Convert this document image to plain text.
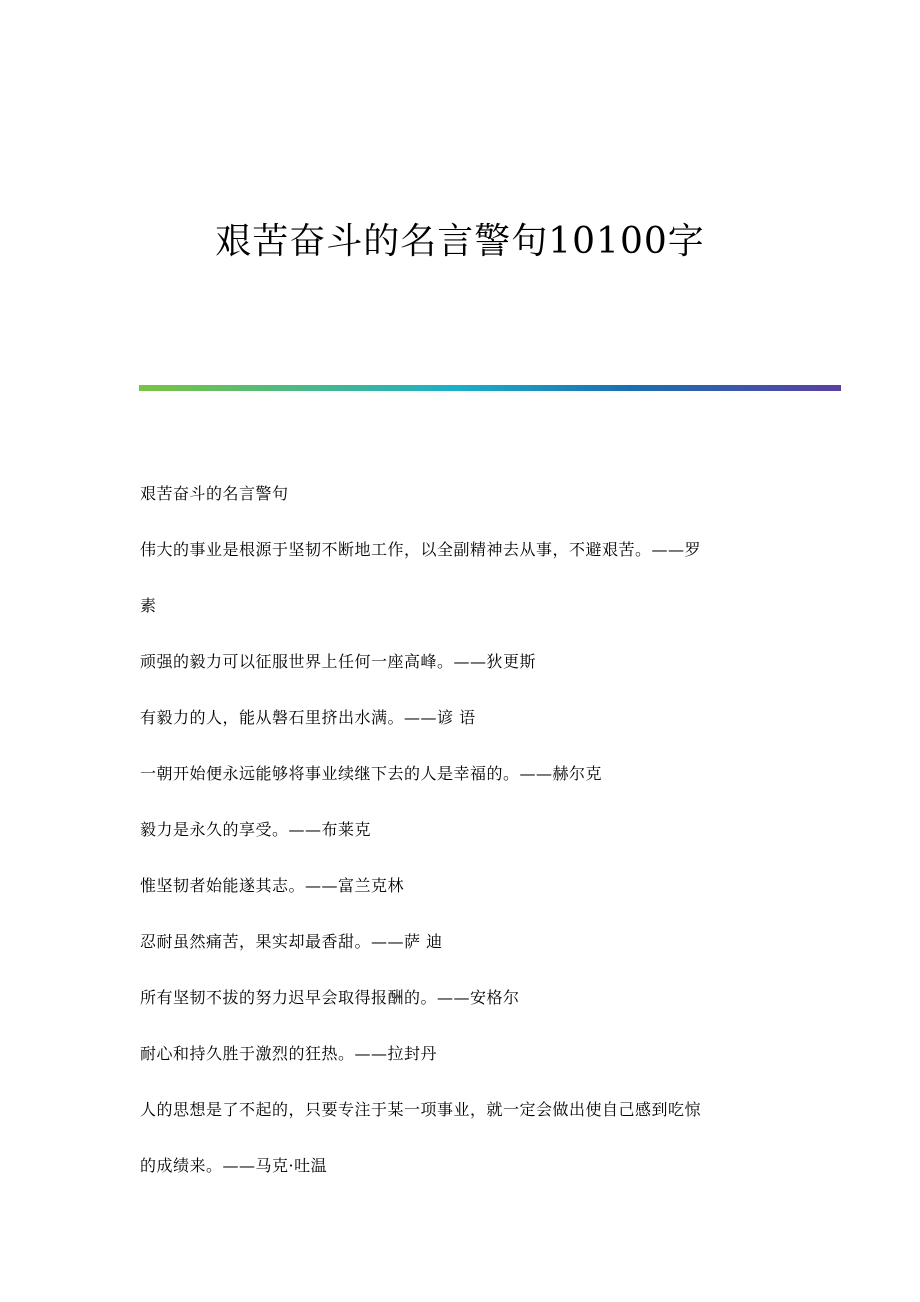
艰苦奋斗的名言警句10100字
艰苦奋斗的名言警句
伟大的事业是根源于坚韧不断地工作，以全副精神去从事，不避艰苦。——罗
素
顽强的毅力可以征服世界上任何一座高峰。——狄更斯
有毅力的人，能从磐石里挤出水满。——谚 语
一朝开始便永远能够将事业续继下去的人是幸福的。——赫尔克
毅力是永久的享受。——布莱克
惟坚韧者始能遂其志。——富兰克林
忍耐虽然痛苦，果实却最香甜。——萨 迪
所有坚韧不拔的努力迟早会取得报酬的。——安格尔
耐心和持久胜于激烈的狂热。——拉封丹
人的思想是了不起的，只要专注于某一项事业，就一定会做出使自己感到吃惊
的成绩来。——马克·吐温
